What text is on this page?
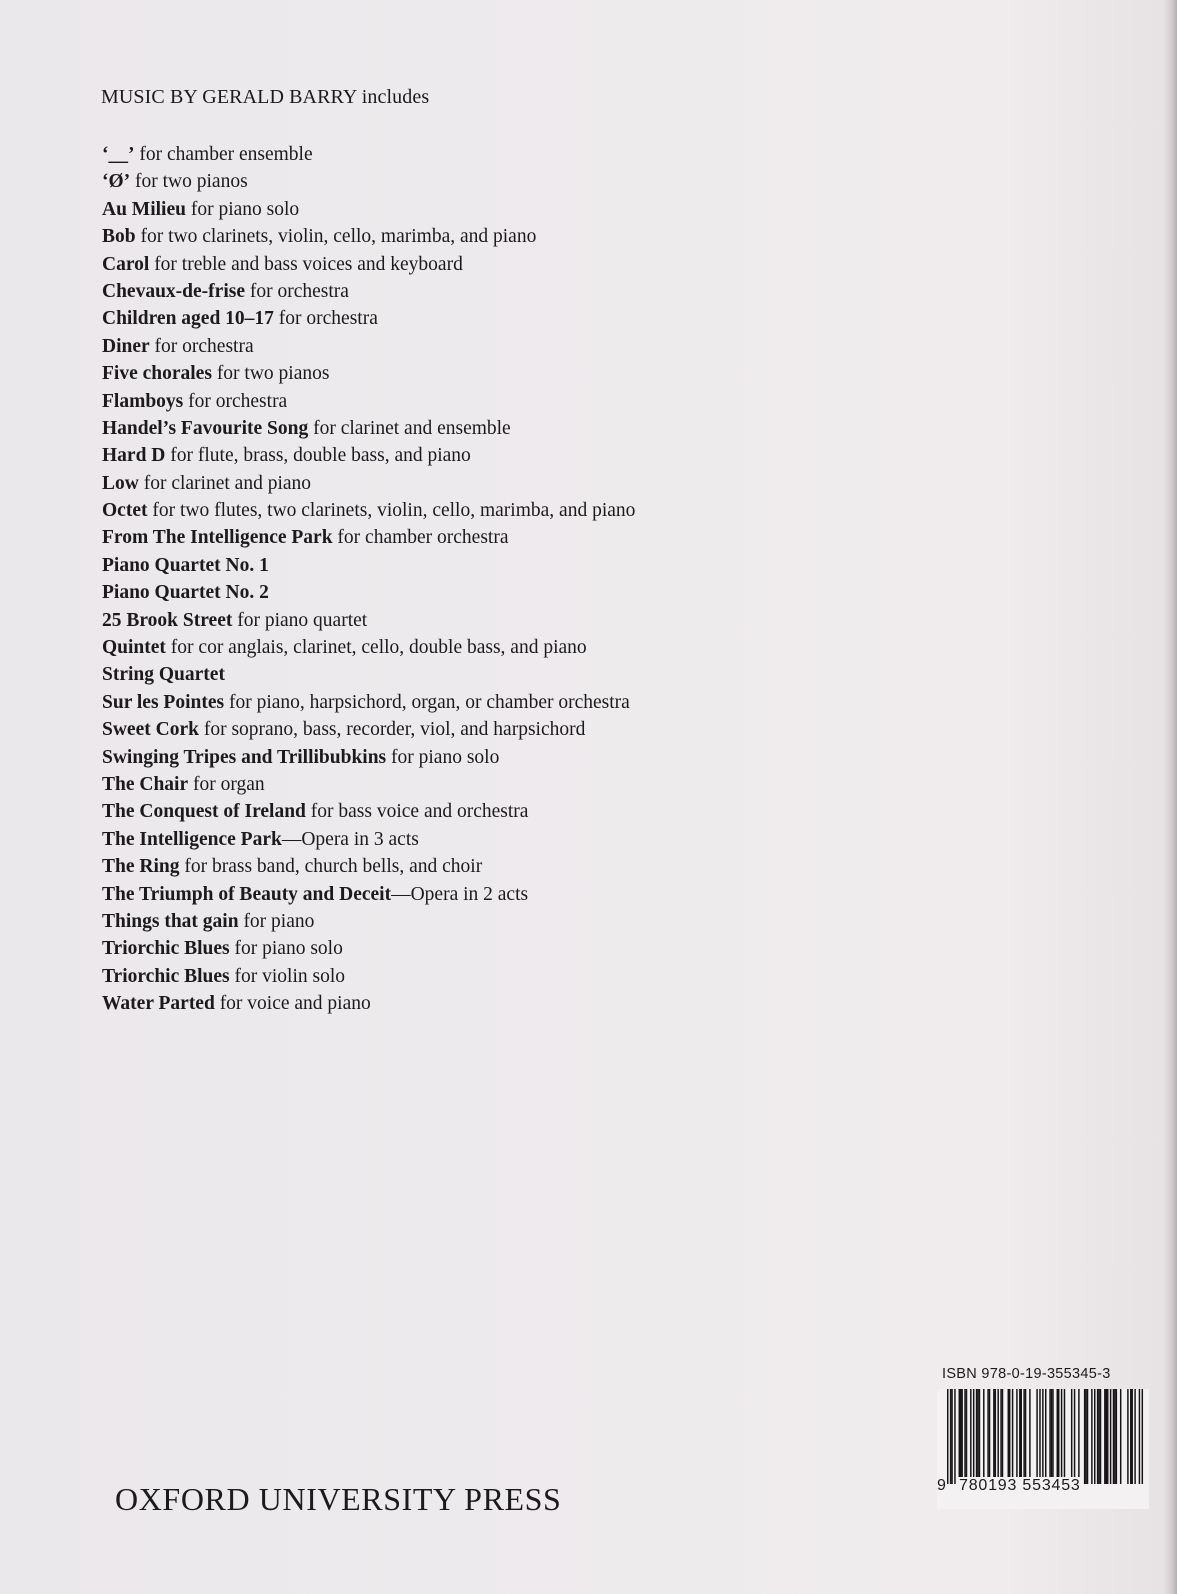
MUSIC BY GERALD BARRY includes
‘__’ for chamber ensemble
‘Ø’ for two pianos
Au Milieu for piano solo
Bob for two clarinets, violin, cello, marimba, and piano
Carol for treble and bass voices and keyboard
Chevaux-de-frise for orchestra
Children aged 10–17 for orchestra
Diner for orchestra
Five chorales for two pianos
Flamboys for orchestra
Handel’s Favourite Song for clarinet and ensemble
Hard D for flute, brass, double bass, and piano
Low for clarinet and piano
Octet for two flutes, two clarinets, violin, cello, marimba, and piano
From The Intelligence Park for chamber orchestra
Piano Quartet No. 1
Piano Quartet No. 2
25 Brook Street for piano quartet
Quintet for cor anglais, clarinet, cello, double bass, and piano
String Quartet
Sur les Pointes for piano, harpsichord, organ, or chamber orchestra
Sweet Cork for soprano, bass, recorder, viol, and harpsichord
Swinging Tripes and Trillibubkins for piano solo
The Chair for organ
The Conquest of Ireland for bass voice and orchestra
The Intelligence Park—Opera in 3 acts
The Ring for brass band, church bells, and choir
The Triumph of Beauty and Deceit—Opera in 2 acts
Things that gain for piano
Triorchic Blues for piano solo
Triorchic Blues for violin solo
Water Parted for voice and piano
ISBN 978-0-19-355345-3
9 780193 553453
OXFORD UNIVERSITY PRESS
